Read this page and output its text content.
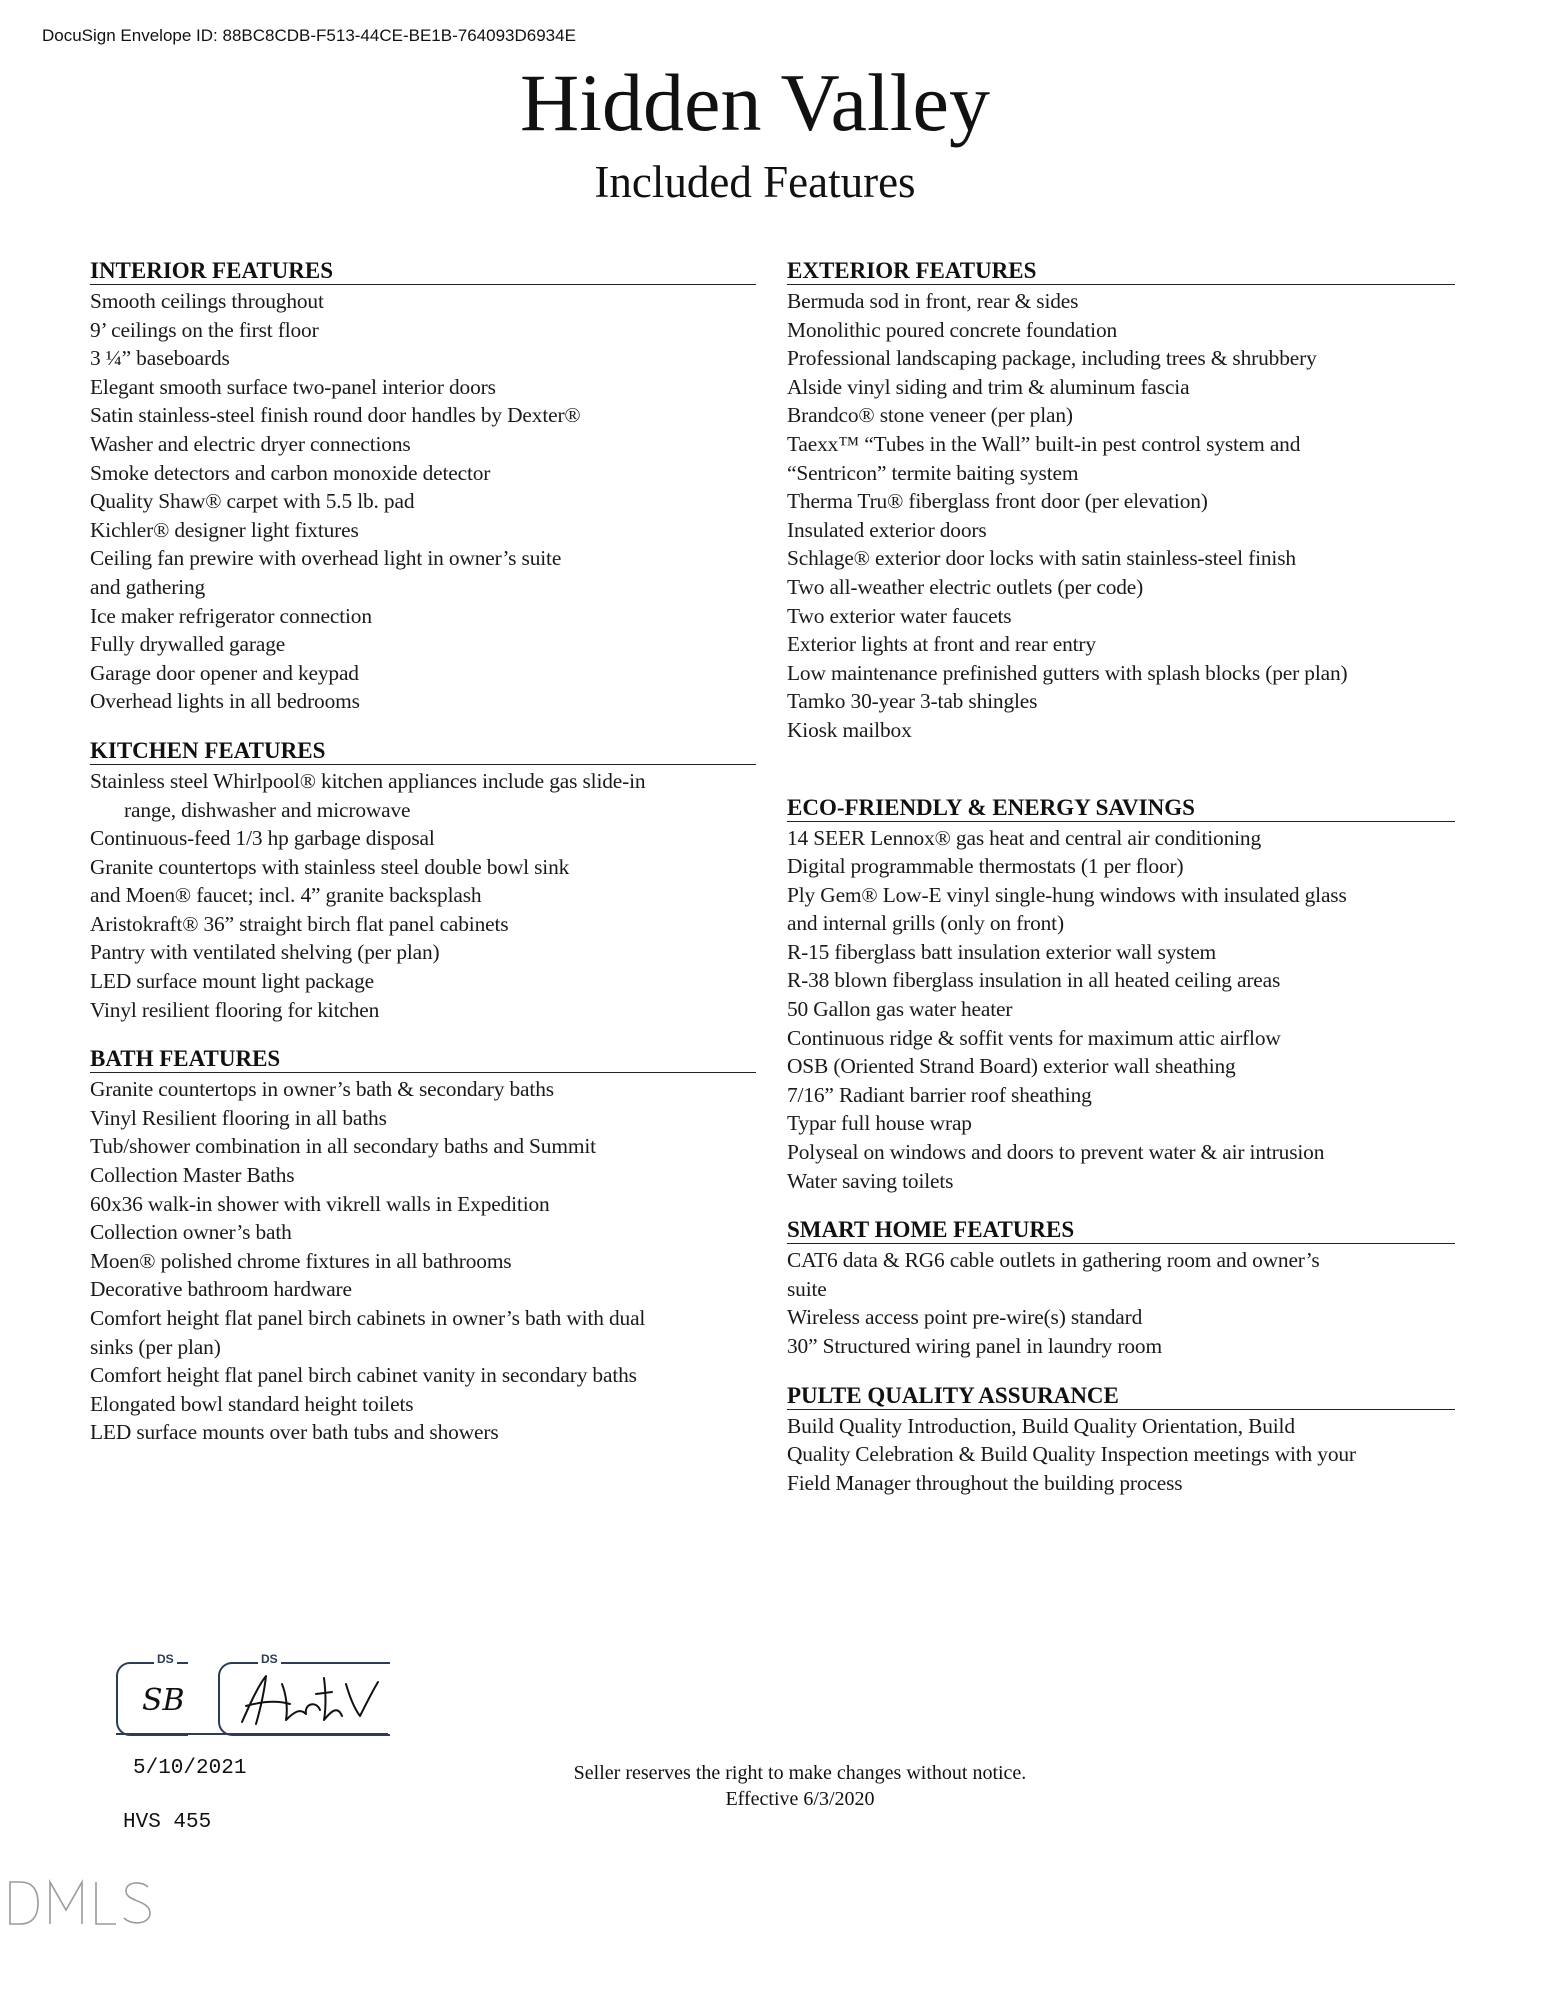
DocuSign Envelope ID: 88BC8CDB-F513-44CE-BE1B-764093D6934E
Hidden Valley
Included Features
INTERIOR FEATURES
Smooth ceilings throughout
9’ ceilings on the first floor
3 ¼” baseboards
Elegant smooth surface two-panel interior doors
Satin stainless-steel finish round door handles by Dexter®
Washer and electric dryer connections
Smoke detectors and carbon monoxide detector
Quality Shaw® carpet with 5.5 lb. pad
Kichler® designer light fixtures
Ceiling fan prewire with overhead light in owner’s suite
and gathering
Ice maker refrigerator connection
Fully drywalled garage
Garage door opener and keypad
Overhead lights in all bedrooms
KITCHEN FEATURES
Stainless steel Whirlpool® kitchen appliances include gas slide-in
range, dishwasher and microwave
Continuous-feed 1/3 hp garbage disposal
Granite countertops with stainless steel double bowl sink
and Moen® faucet; incl. 4” granite backsplash
Aristokraft® 36” straight birch flat panel cabinets
Pantry with ventilated shelving (per plan)
LED surface mount light package
Vinyl resilient flooring for kitchen
BATH FEATURES
Granite countertops in owner’s bath & secondary baths
Vinyl Resilient flooring in all baths
Tub/shower combination in all secondary baths and Summit
Collection Master Baths
60x36 walk-in shower with vikrell walls in Expedition
Collection owner’s bath
Moen® polished chrome fixtures in all bathrooms
Decorative bathroom hardware
Comfort height flat panel birch cabinets in owner’s bath with dual
sinks (per plan)
Comfort height flat panel birch cabinet vanity in secondary baths
Elongated bowl standard height toilets
LED surface mounts over bath tubs and showers
EXTERIOR FEATURES
Bermuda sod in front, rear & sides
Monolithic poured concrete foundation
Professional landscaping package, including trees & shrubbery
Alside vinyl siding and trim & aluminum fascia
Brandco® stone veneer (per plan)
Taexx™ “Tubes in the Wall” built-in pest control system and
“Sentricon” termite baiting system
Therma Tru® fiberglass front door (per elevation)
Insulated exterior doors
Schlage® exterior door locks with satin stainless-steel finish
Two all-weather electric outlets (per code)
Two exterior water faucets
Exterior lights at front and rear entry
Low maintenance prefinished gutters with splash blocks (per plan)
Tamko 30-year 3-tab shingles
Kiosk mailbox
ECO-FRIENDLY & ENERGY SAVINGS
14 SEER Lennox® gas heat and central air conditioning
Digital programmable thermostats (1 per floor)
Ply Gem® Low-E vinyl single-hung windows with insulated glass
and internal grills (only on front)
R-15 fiberglass batt insulation exterior wall system
R-38 blown fiberglass insulation in all heated ceiling areas
50 Gallon gas water heater
Continuous ridge & soffit vents for maximum attic airflow
OSB (Oriented Strand Board) exterior wall sheathing
7/16” Radiant barrier roof sheathing
Typar full house wrap
Polyseal on windows and doors to prevent water & air intrusion
Water saving toilets
SMART HOME FEATURES
CAT6 data & RG6 cable outlets in gathering room and owner’s
suite
Wireless access point pre-wire(s) standard
30” Structured wiring panel in laundry room
PULTE QUALITY ASSURANCE
Build Quality Introduction, Build Quality Orientation, Build
Quality Celebration & Build Quality Inspection meetings with your
Field Manager throughout the building process
DS
SB
DS
5/10/2021
HVS 455
Seller reserves the right to make changes without notice.
Effective 6/3/2020
